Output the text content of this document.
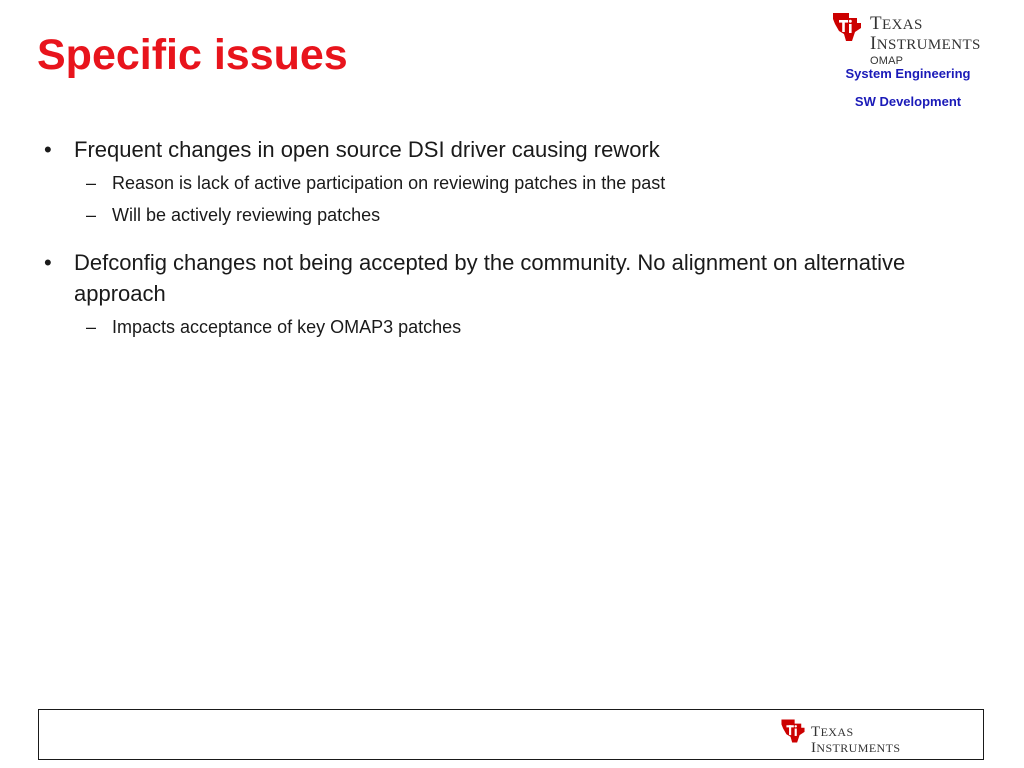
Specific issues
TEXAS
INSTRUMENTS
OMAP
System Engineering
SW Development
•	Frequent changes in open source DSI driver causing rework
– Reason is lack of active participation on reviewing patches in the past
– Will be actively reviewing patches
•	Defconfig changes not being accepted by the community. No alignment on alternative approach
– Impacts acceptance of key OMAP3 patches
TEXAS
INSTRUMENTS
